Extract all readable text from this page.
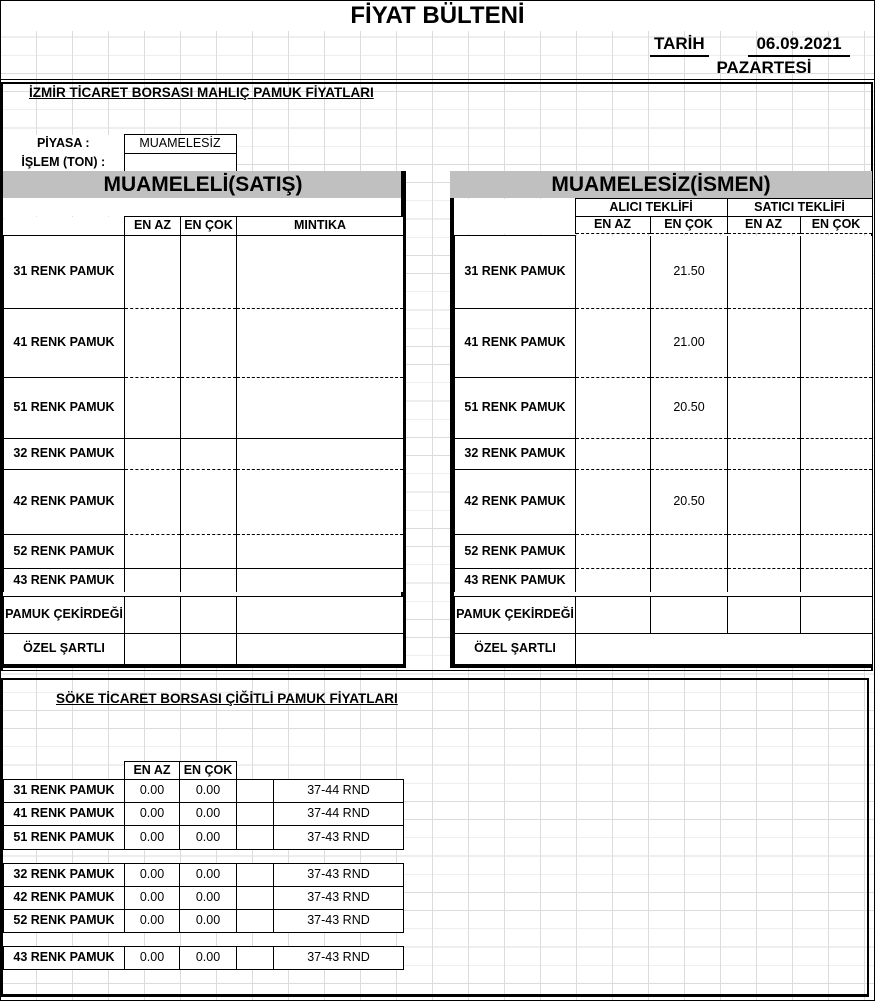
FİYAT BÜLTENİ
TARİH	06.09.2021
PAZARTESİ
İZMİR TİCARET BORSASI MAHLIÇ PAMUK FİYATLARI
PİYASA :	MUAMELESİZ
İŞLEM (TON) :	
MUAMELELİ(SATIŞ)
	EN AZ	EN ÇOK	MINTIKA
31 RENK PAMUK			
41 RENK PAMUK			
51 RENK PAMUK			
32 RENK PAMUK			
42 RENK PAMUK			
52 RENK PAMUK			
43 RENK PAMUK			
PAMUK ÇEKİRDEĞİ			
ÖZEL ŞARTLI			
MUAMELESİZ(İSMEN)
	ALICI TEKLİFİ		SATICI TEKLİFİ	
	EN AZ	EN ÇOK	EN AZ	EN ÇOK
31 RENK PAMUK		21.50		
41 RENK PAMUK		21.00		
51 RENK PAMUK		20.50		
32 RENK PAMUK				
42 RENK PAMUK		20.50		
52 RENK PAMUK				
43 RENK PAMUK				
PAMUK ÇEKİRDEĞİ				
ÖZEL ŞARTLI				
SÖKE TİCARET BORSASI ÇİĞİTLİ PAMUK FİYATLARI
EN AZ	EN ÇOK
31 RENK PAMUK	0.00	0.00		37-44 RND
41 RENK PAMUK	0.00	0.00		37-44 RND
51 RENK PAMUK	0.00	0.00		37-43 RND
32 RENK PAMUK	0.00	0.00		37-43 RND
42 RENK PAMUK	0.00	0.00		37-43 RND
52 RENK PAMUK	0.00	0.00		37-43 RND
43 RENK PAMUK	0.00	0.00		37-43 RND
